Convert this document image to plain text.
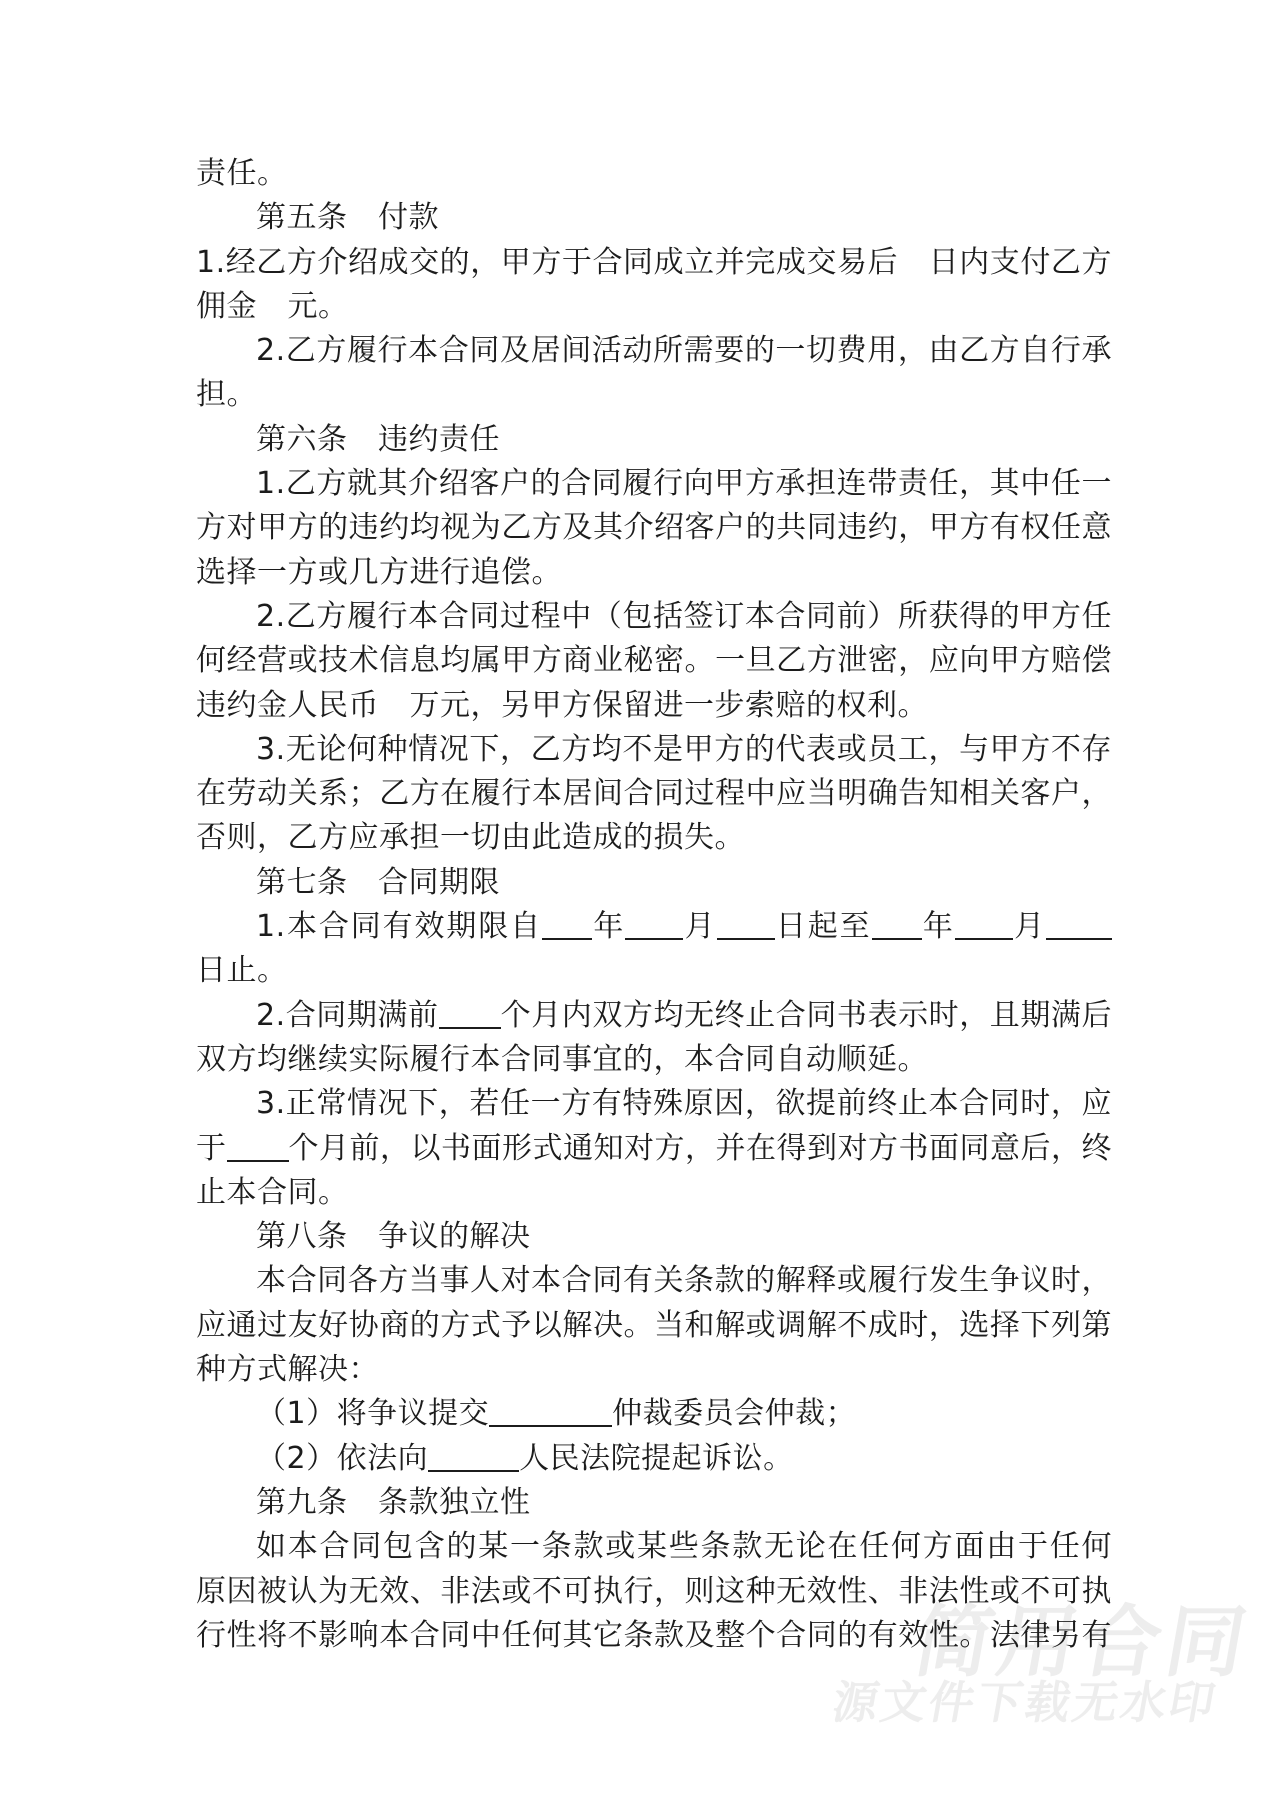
简用合同
源文件下载无水印
责任。
第五条　付款
1.经乙方介绍成交的，甲方于合同成立并完成交易后　日内支付乙方
佣金　元。
2.乙方履行本合同及居间活动所需要的一切费用，由乙方自行承
担。
第六条　违约责任
1.乙方就其介绍客户的合同履行向甲方承担连带责任，其中任一
方对甲方的违约均视为乙方及其介绍客户的共同违约，甲方有权任意
选择一方或几方进行追偿。
2.乙方履行本合同过程中（包括签订本合同前）所获得的甲方任
何经营或技术信息均属甲方商业秘密。一旦乙方泄密，应向甲方赔偿
违约金人民币　万元，另甲方保留进一步索赔的权利。
3.无论何种情况下，乙方均不是甲方的代表或员工，与甲方不存
在劳动关系；乙方在履行本居间合同过程中应当明确告知相关客户，
否则，乙方应承担一切由此造成的损失。
第七条　合同期限
1.本合同有效期限自 年 月 日起至 年 月
日止。
2.合同期满前 个月内双方均无终止合同书表示时，且期满后
双方均继续实际履行本合同事宜的，本合同自动顺延。
3.正常情况下，若任一方有特殊原因，欲提前终止本合同时，应
于 个月前，以书面形式通知对方，并在得到对方书面同意后，终
止本合同。
第八条　争议的解决
本合同各方当事人对本合同有关条款的解释或履行发生争议时，
应通过友好协商的方式予以解决。当和解或调解不成时，选择下列第
种方式解决：
（1）将争议提交	仲裁委员会仲裁；
（2）依法向	人民法院提起诉讼。
第九条　条款独立性
如本合同包含的某一条款或某些条款无论在任何方面由于任何
原因被认为无效、非法或不可执行，则这种无效性、非法性或不可执
行性将不影响本合同中任何其它条款及整个合同的有效性。法律另有
